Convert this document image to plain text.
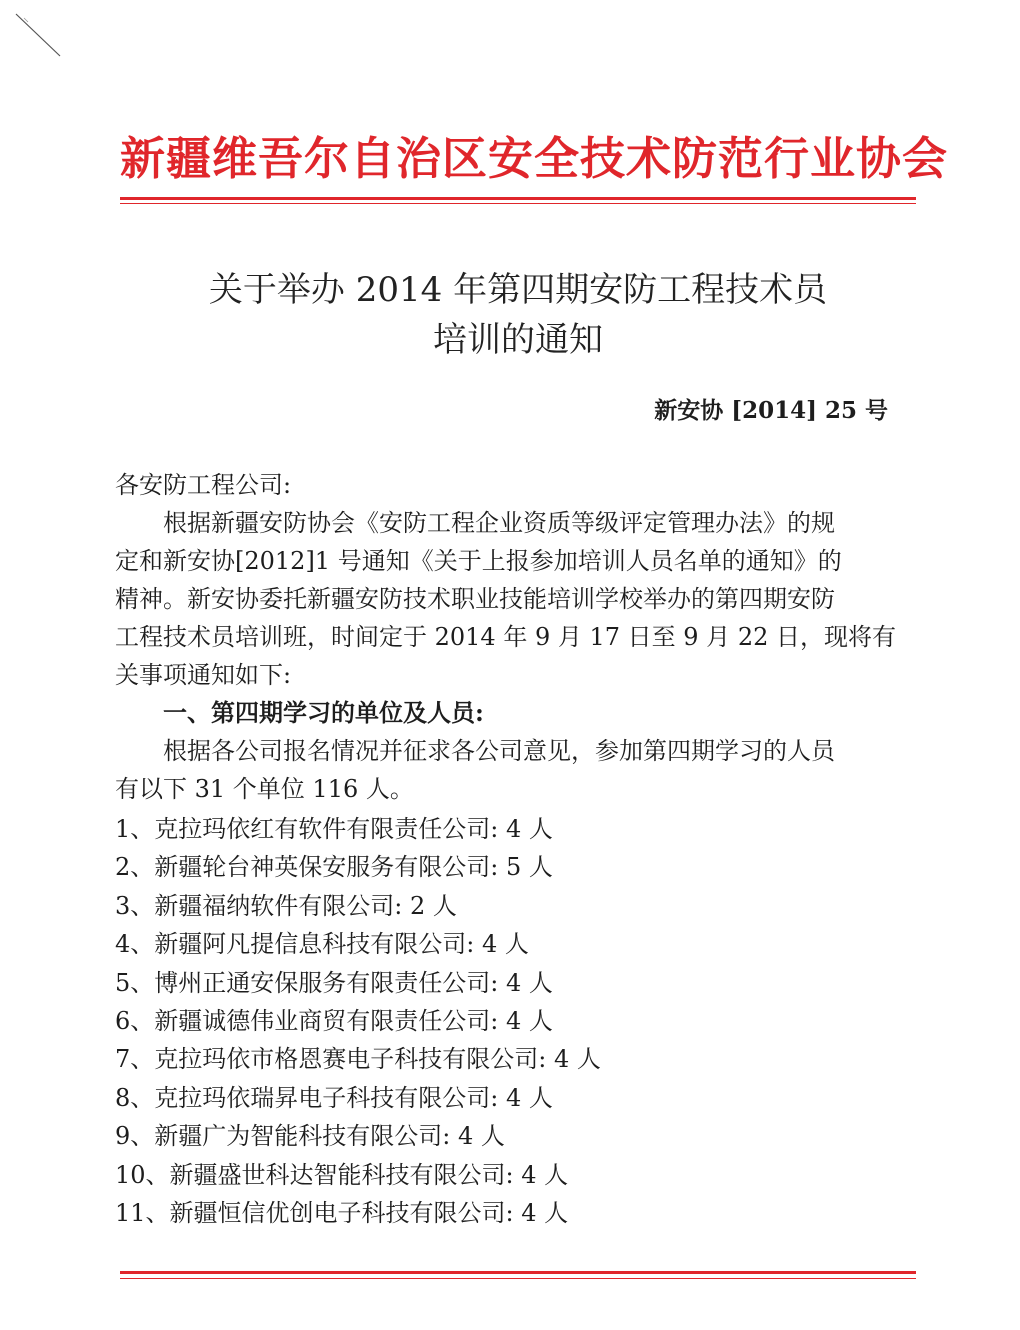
新疆维吾尔自治区安全技术防范行业协会
关于举办 2014 年第四期安防工程技术员
培训的通知
新安协 [2014] 25 号
各安防工程公司:
根据新疆安防协会《安防工程企业资质等级评定管理办法》的规
定和新安协[2012]1 号通知《关于上报参加培训人员名单的通知》的
精神。新安协委托新疆安防技术职业技能培训学校举办的第四期安防
工程技术员培训班，时间定于 2014 年 9 月 17 日至 9 月 22 日，现将有
关事项通知如下:
一、第四期学习的单位及人员:
根据各公司报名情况并征求各公司意见，参加第四期学习的人员
有以下 31 个单位 116 人。
1、克拉玛依红有软件有限责任公司: 4 人
2、新疆轮台神英保安服务有限公司: 5 人
3、新疆福纳软件有限公司: 2 人
4、新疆阿凡提信息科技有限公司: 4 人
5、博州正通安保服务有限责任公司: 4 人
6、新疆诚德伟业商贸有限责任公司: 4 人
7、克拉玛依市格恩赛电子科技有限公司: 4 人
8、克拉玛依瑞昇电子科技有限公司: 4 人
9、新疆广为智能科技有限公司: 4 人
10、新疆盛世科达智能科技有限公司: 4 人
11、新疆恒信优创电子科技有限公司: 4 人
